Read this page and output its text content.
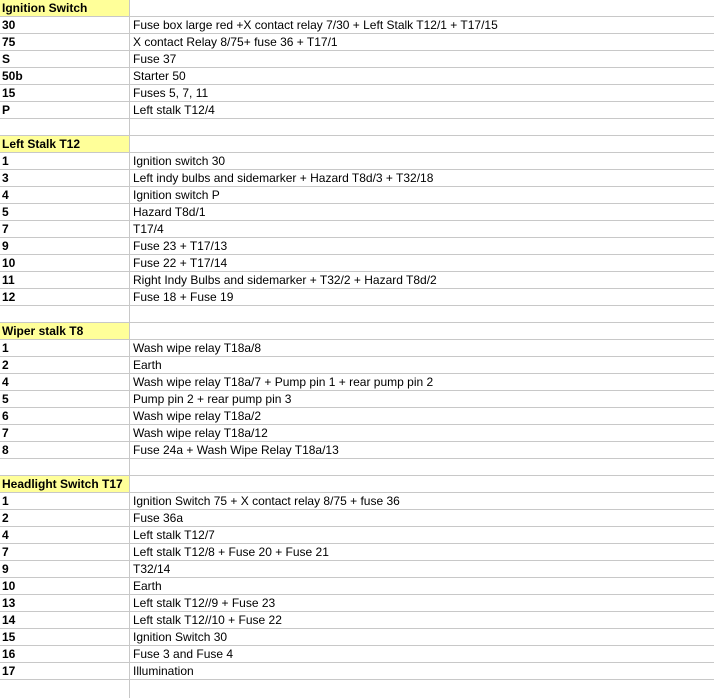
Ignition Switch
30	Fuse box large red +X contact relay 7/30 + Left Stalk T12/1 + T17/15
75	X contact Relay 8/75+ fuse 36 + T17/1
S	Fuse 37
50b	Starter 50
15	Fuses 5, 7, 11
P	Left stalk T12/4
Left Stalk T12
1	Ignition switch 30
3	Left indy bulbs and sidemarker + Hazard T8d/3 + T32/18
4	Ignition switch P
5	Hazard T8d/1
7	T17/4
9	Fuse 23 + T17/13
10	Fuse 22 + T17/14
11	Right Indy Bulbs and sidemarker + T32/2 + Hazard T8d/2
12	Fuse 18 + Fuse 19
Wiper stalk T8
1	Wash wipe relay T18a/8
2	Earth
4	Wash wipe relay T18a/7 + Pump pin 1 + rear pump pin 2
5	Pump pin 2 + rear pump pin 3
6	Wash wipe relay T18a/2
7	Wash wipe relay T18a/12
8	Fuse 24a + Wash Wipe Relay T18a/13
Headlight Switch T17
1	Ignition Switch 75 + X contact relay 8/75 + fuse 36
2	Fuse 36a
4	Left stalk T12/7
7	Left stalk T12/8 + Fuse 20 + Fuse 21
9	T32/14
10	Earth
13	Left stalk T12//9 + Fuse 23
14	Left stalk T12//10 + Fuse 22
15	Ignition Switch 30
16	Fuse 3 and Fuse 4
17	Illumination
